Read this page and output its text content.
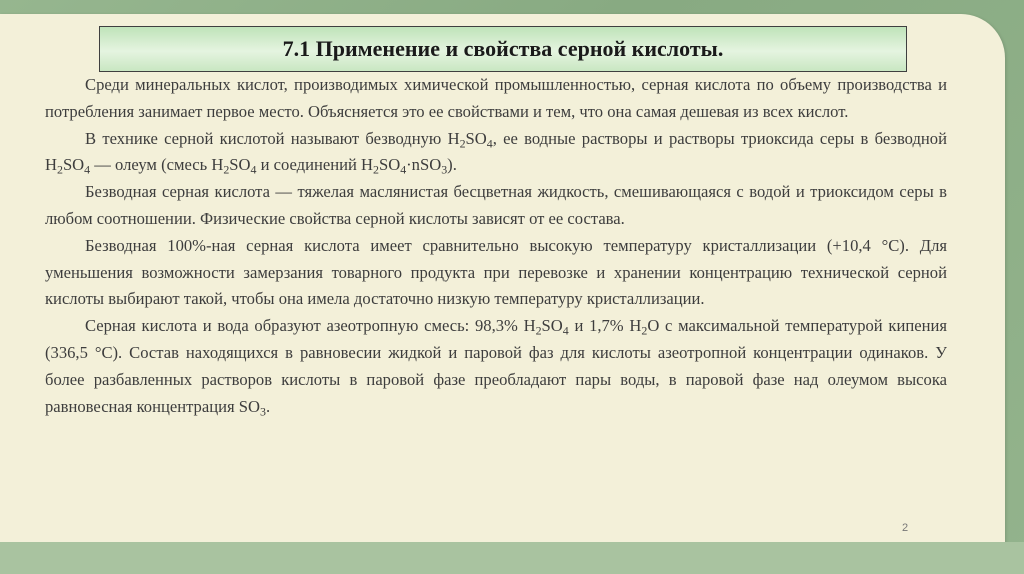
7.1 Применение и свойства серной кислоты.

Среди минеральных кислот, производимых химической промышленностью, серная кислота по объему производства и потребления занимает первое место. Объясняется это ее свойствами и тем, что она самая дешевая из всех кислот.

В технике серной кислотой называют безводную $H_2SO_4$, ее водные растворы и растворы триоксида серы в безводной $H_2SO_4$ — олеум (смесь $H_2SO_4$ и соединений $H_2SO_4\cdot nSO_3$).

Безводная серная кислота — тяжелая маслянистая бесцветная жидкость, смешивающаяся с водой и триоксидом серы в любом соотношении. Физические свойства серной кислоты зависят от ее состава.

Безводная 100%-ная серная кислота имеет сравнительно высокую температуру кристаллизации (+10,4 °С). Для уменьшения возможности замерзания товарного продукта при перевозке и хранении концентрацию технической серной кислоты выбирают такой, чтобы она имела достаточно низкую температуру кристаллизации.

Серная кислота и вода образуют азеотропную смесь: 98,3% $H_2SO_4$ и 1,7% $H_2O$ с максимальной температурой кипения (336,5 °С). Состав находящихся в равновесии жидкой и паровой фаз для кислоты азеотропной концентрации одинаков. У более разбавленных растворов кислоты в паровой фазе преобладают пары воды, в паровой фазе над олеумом высока равновесная концентрация $SO_3$.

2
